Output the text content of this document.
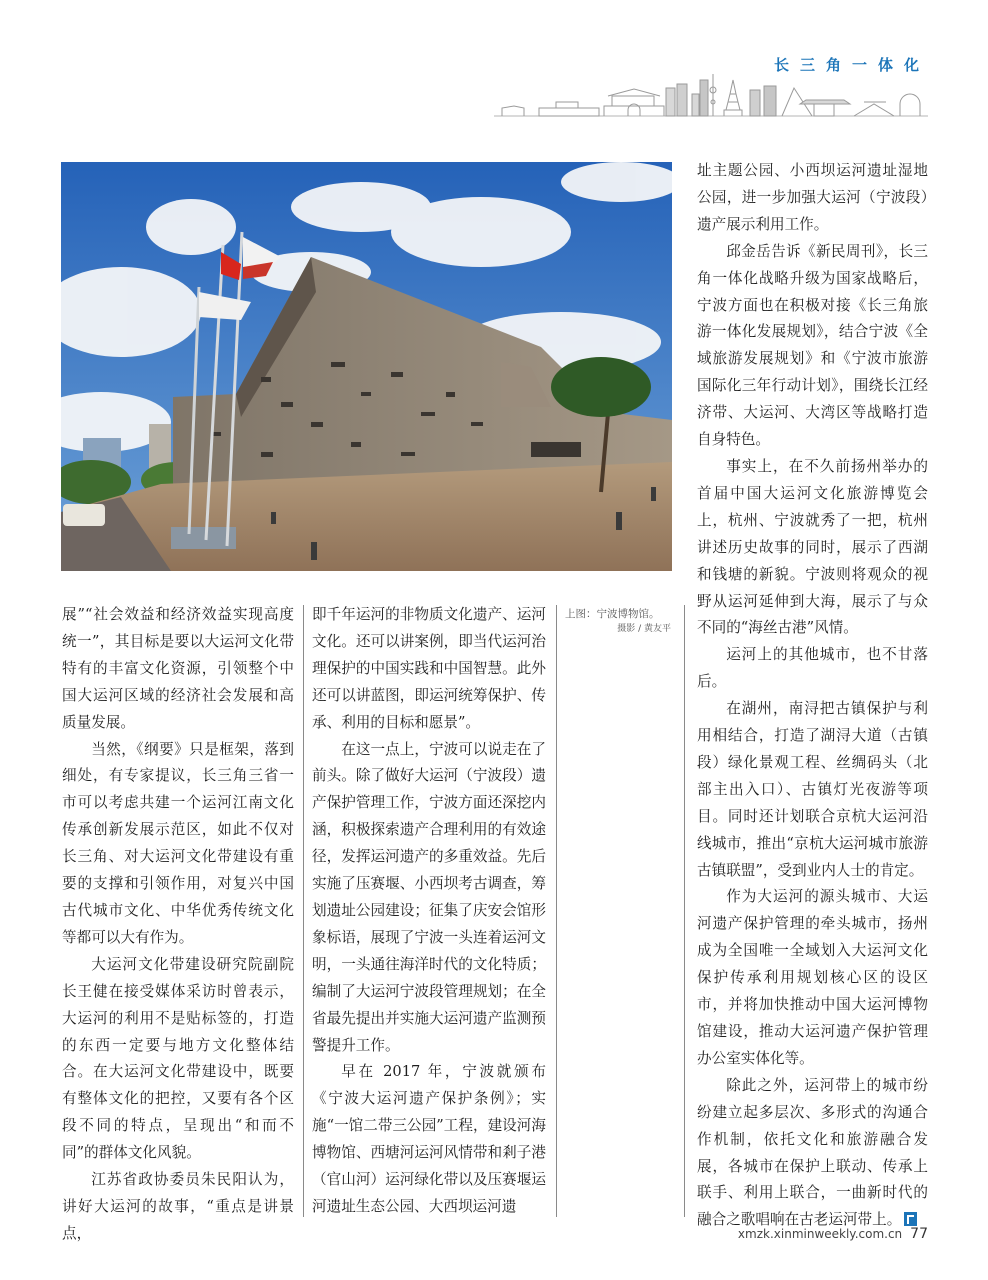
长三角一体化
上图：宁波博物馆。
摄影 / 黄友平

展”“社会效益和经济效益实现高度统一”，其目标是要以大运河文化带特有的丰富文化资源，引领整个中国大运河区域的经济社会发展和高质量发展。

当然，《纲要》只是框架，落到细处，有专家提议，长三角三省一市可以考虑共建一个运河江南文化传承创新发展示范区，如此不仅对长三角、对大运河文化带建设有重要的支撑和引领作用，对复兴中国古代城市文化、中华优秀传统文化等都可以大有作为。

大运河文化带建设研究院副院长王健在接受媒体采访时曾表示，大运河的利用不是贴标签的，打造的东西一定要与地方文化整体结合。在大运河文化带建设中，既要有整体文化的把控，又要有各个区段不同的特点，呈现出“和而不同”的群体文化风貌。

江苏省政协委员朱民阳认为，讲好大运河的故事，“重点是讲景点，

即千年运河的非物质文化遗产、运河文化。还可以讲案例，即当代运河治理保护的中国实践和中国智慧。此外还可以讲蓝图，即运河统筹保护、传承、利用的目标和愿景”。

在这一点上，宁波可以说走在了前头。除了做好大运河（宁波段）遗产保护管理工作，宁波方面还深挖内涵，积极探索遗产合理利用的有效途径，发挥运河遗产的多重效益。先后实施了压赛堰、小西坝考古调查，筹划遗址公园建设；征集了庆安会馆形象标语，展现了宁波一头连着运河文明，一头通往海洋时代的文化特质；编制了大运河宁波段管理规划；在全省最先提出并实施大运河遗产监测预警提升工作。

早在 2017 年，宁波就颁布《宁波大运河遗产保护条例》；实施“一馆二带三公园”工程，建设河海博物馆、西塘河运河风情带和剎子港（官山河）运河绿化带以及压赛堰运河遗址生态公园、大西坝运河遗

址主题公园、小西坝运河遗址湿地公园，进一步加强大运河（宁波段）遗产展示利用工作。

邱金岳告诉《新民周刊》，长三角一体化战略升级为国家战略后，宁波方面也在积极对接《长三角旅游一体化发展规划》，结合宁波《全域旅游发展规划》和《宁波市旅游国际化三年行动计划》，围绕长江经济带、大运河、大湾区等战略打造自身特色。

事实上，在不久前扬州举办的首届中国大运河文化旅游博览会上，杭州、宁波就秀了一把，杭州讲述历史故事的同时，展示了西湖和钱塘的新貌。宁波则将观众的视野从运河延伸到大海，展示了与众不同的“海丝古港”风情。

运河上的其他城市，也不甘落后。

在湖州，南浔把古镇保护与利用相结合，打造了湖浔大道（古镇段）绿化景观工程、丝绸码头（北部主出入口）、古镇灯光夜游等项目。同时还计划联合京杭大运河沿线城市，推出“京杭大运河城市旅游古镇联盟”，受到业内人士的肯定。

作为大运河的源头城市、大运河遗产保护管理的牵头城市，扬州成为全国唯一全域划入大运河文化保护传承利用规划核心区的设区市，并将加快推动中国大运河博物馆建设，推动大运河遗产保护管理办公室实体化等。

除此之外，运河带上的城市纷纷建立起多层次、多形式的沟通合作机制，依托文化和旅游融合发展，各城市在保护上联动、传承上联手、利用上联合，一曲新时代的融合之歌唱响在古老运河带上。

xmzk.xinminweekly.com.cn 77
